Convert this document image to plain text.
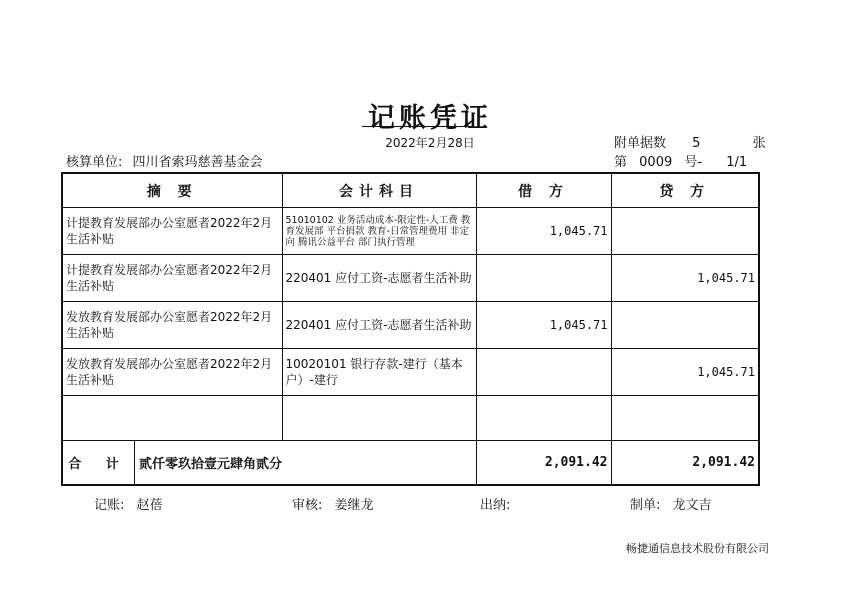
记账凭证
2022年2月28日	附单据数 5	张
核算单位: 四川省索玛慈善基金会	第 0009 号- 1/1
摘 要	会计科目	借 方	贷 方
计提教育发展部办公室愿者2022年2月生活补贴	51010102 业务活动成本-限定性-人工费 教育发展部 平台捐款 教育-日常管理费用 非定向 腾讯公益平台 部门执行管理	1,045.71	
计提教育发展部办公室愿者2022年2月生活补贴	220401 应付工资-志愿者生活补助		1,045.71
发放教育发展部办公室愿者2022年2月生活补贴	220401 应付工资-志愿者生活补助	1,045.71	
发放教育发展部办公室愿者2022年2月生活补贴	10020101 银行存款-建行（基本户）-建行		1,045.71

合 计 贰仟零玖拾壹元肆角贰分		2,091.42	2,091.42
记账: 赵蓓	审核: 姜继龙	出纳:	制单: 龙文吉
畅捷通信息技术股份有限公司
